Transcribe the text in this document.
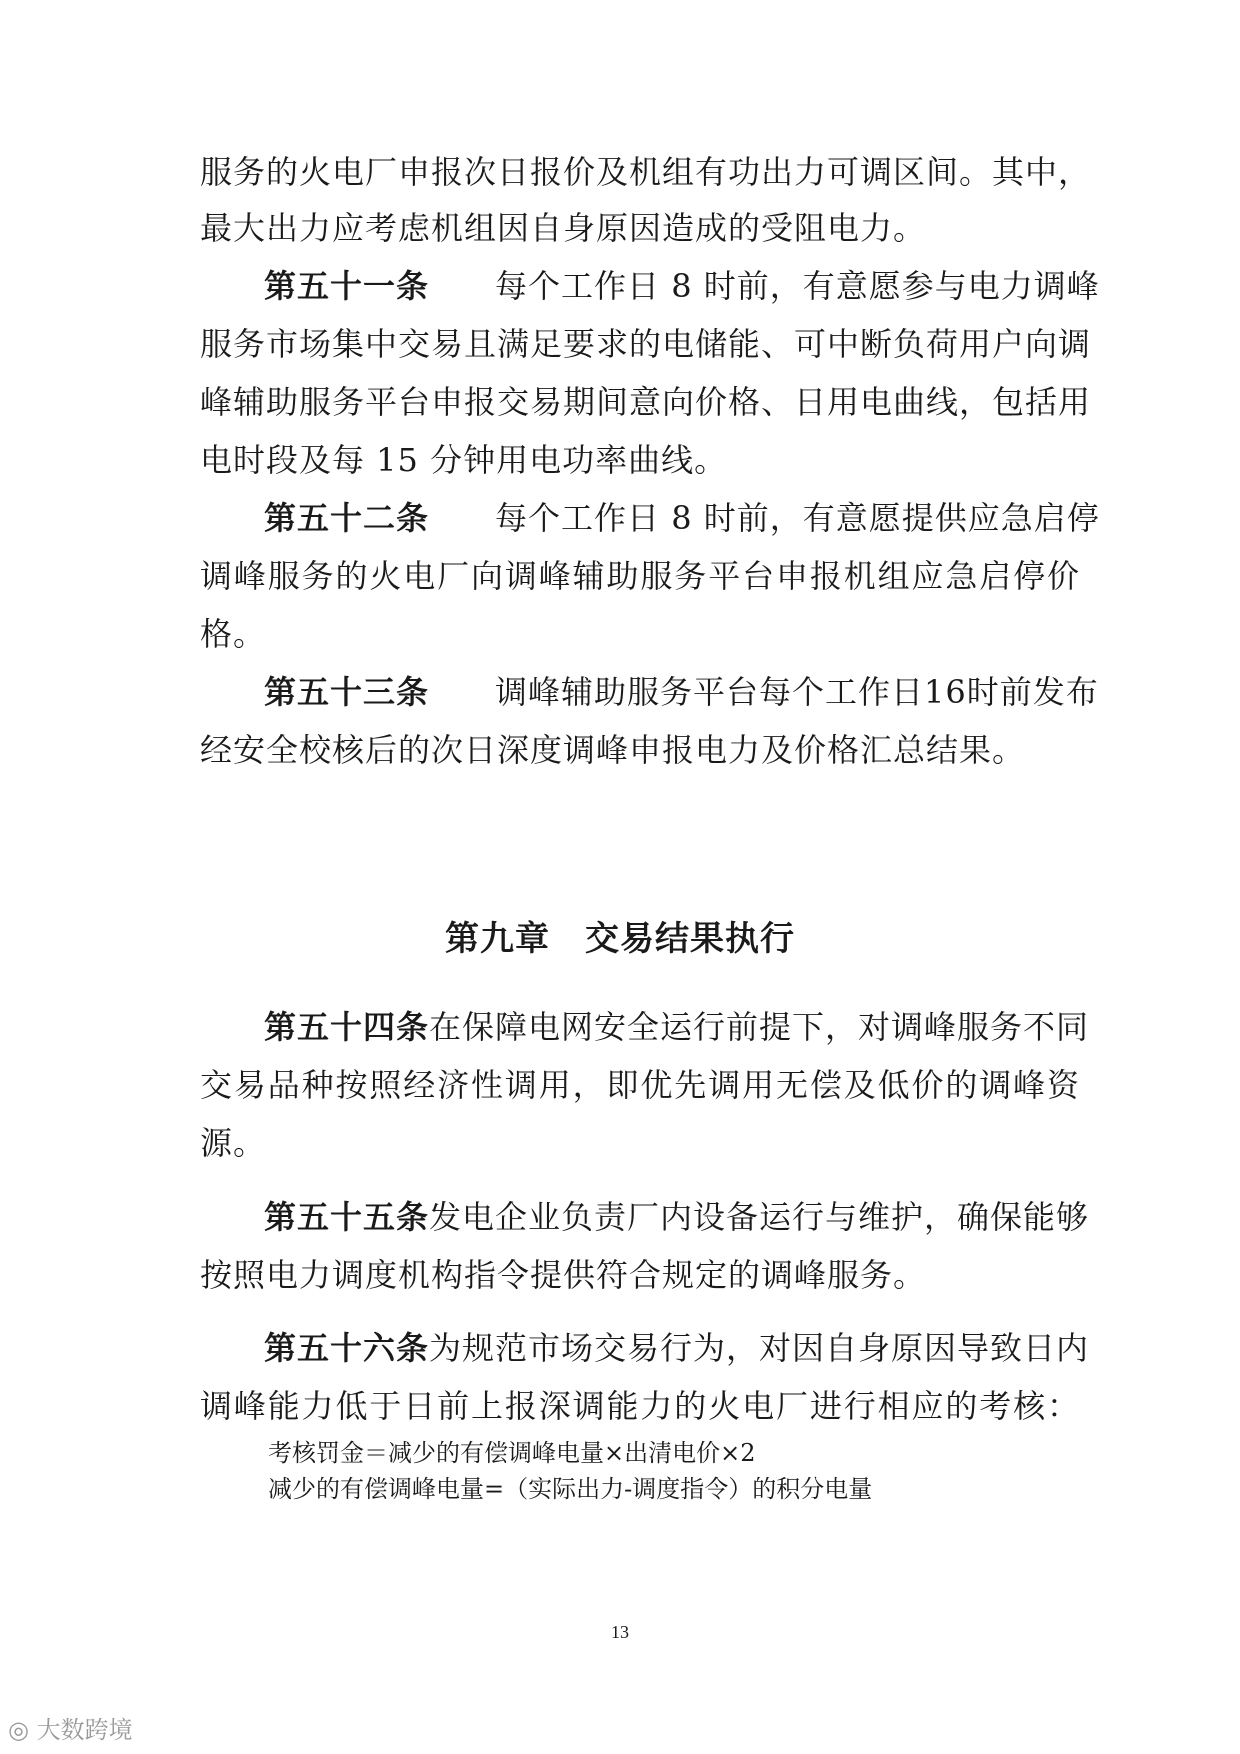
服务的火电厂申报次日报价及机组有功出力可调区间。其中，
最大出力应考虑机组因自身原因造成的受阻电力。
第五十一条　　 每个工作日 8 时前，有意愿参与电力调峰
服务市场集中交易且满足要求的电储能、可中断负荷用户向调
峰辅助服务平台申报交易期间意向价格、日用电曲线，包括用
电时段及每 15 分钟用电功率曲线。
第五十二条　　 每个工作日 8 时前，有意愿提供应急启停
调峰服务的火电厂向调峰辅助服务平台申报机组应急启停价
格。
第五十三条　　 调峰辅助服务平台每个工作日16时前发布
经安全校核后的次日深度调峰申报电力及价格汇总结果。
第九章　交易结果执行
第五十四条在保障电网安全运行前提下，对调峰服务不同
交易品种按照经济性调用，即优先调用无偿及低价的调峰资
源。
第五十五条发电企业负责厂内设备运行与维护，确保能够
按照电力调度机构指令提供符合规定的调峰服务。
第五十六条为规范市场交易行为，对因自身原因导致日内
调峰能力低于日前上报深调能力的火电厂进行相应的考核：
考核罚金＝减少的有偿调峰电量×出清电价×2
减少的有偿调峰电量=（实际出力-调度指令）的积分电量
13
◎ 大数跨境
